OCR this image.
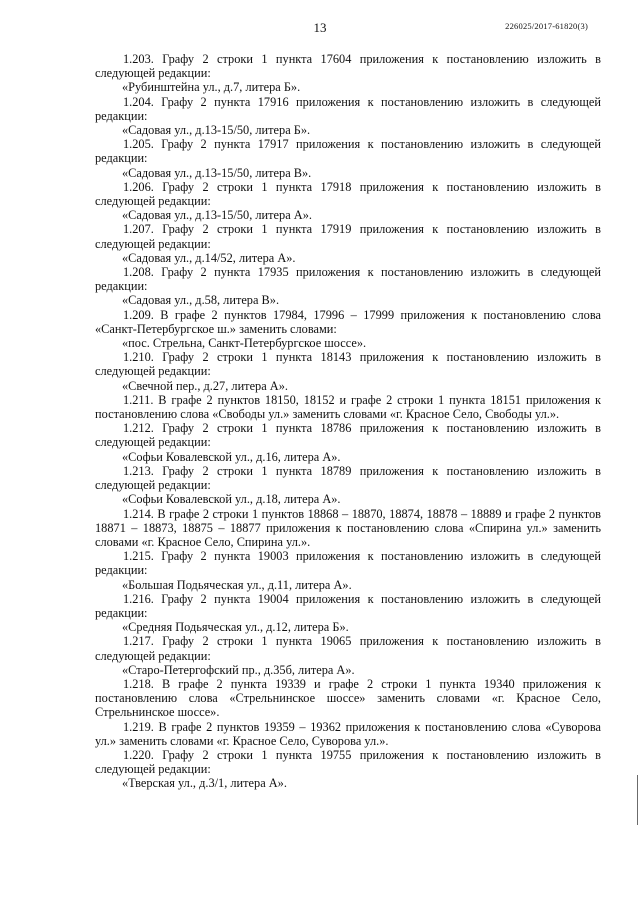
13	226025/2017-61820(3)

1.203. Графу 2 строки 1 пункта 17604 приложения к постановлению изложить в следующей редакции:

«Рубинштейна ул., д.7, литера Б».

1.204. Графу 2 пункта 17916 приложения к постановлению изложить в следующей редакции:

«Садовая ул., д.13-15/50, литера Б».

1.205. Графу 2 пункта 17917 приложения к постановлению изложить в следующей редакции:

«Садовая ул., д.13-15/50, литера В».

1.206. Графу 2 строки 1 пункта 17918 приложения к постановлению изложить в следующей редакции:

«Садовая ул., д.13-15/50, литера А».

1.207. Графу 2 строки 1 пункта 17919 приложения к постановлению изложить в следующей редакции:

«Садовая ул., д.14/52, литера А».

1.208. Графу 2 пункта 17935 приложения к постановлению изложить в следующей редакции:

«Садовая ул., д.58, литера В».

1.209. В графе 2 пунктов 17984, 17996 – 17999 приложения к постановлению слова «Санкт-Петербургское ш.» заменить словами:

«пос. Стрельна, Санкт-Петербургское шоссе».

1.210. Графу 2 строки 1 пункта 18143 приложения к постановлению изложить в следующей редакции:

«Свечной пер., д.27, литера А».

1.211. В графе 2 пунктов 18150, 18152 и графе 2 строки 1 пункта 18151 приложения к постановлению слова «Свободы ул.» заменить словами «г. Красное Село, Свободы ул.».

1.212. Графу 2 строки 1 пункта 18786 приложения к постановлению изложить в следующей редакции:

«Софьи Ковалевской ул., д.16, литера А».

1.213. Графу 2 строки 1 пункта 18789 приложения к постановлению изложить в следующей редакции:

«Софьи Ковалевской ул., д.18, литера А».

1.214. В графе 2 строки 1 пунктов 18868 – 18870, 18874, 18878 – 18889 и графе 2 пунктов 18871 – 18873, 18875 – 18877 приложения к постановлению слова «Спирина ул.» заменить словами «г. Красное Село, Спирина ул.».

1.215. Графу 2 пункта 19003 приложения к постановлению изложить в следующей редакции:

«Большая Подьяческая ул., д.11, литера А».

1.216. Графу 2 пункта 19004 приложения к постановлению изложить в следующей редакции:

«Средняя Подьяческая ул., д.12, литера Б».

1.217. Графу 2 строки 1 пункта 19065 приложения к постановлению изложить в следующей редакции:

«Старо-Петергофский пр., д.35б, литера А».

1.218. В графе 2 пункта 19339 и графе 2 строки 1 пункта 19340 приложения к постановлению слова «Стрельнинское шоссе» заменить словами «г. Красное Село, Стрельнинское шоссе».

1.219. В графе 2 пунктов 19359 – 19362 приложения к постановлению слова «Суворова ул.» заменить словами «г. Красное Село, Суворова ул.».

1.220. Графу 2 строки 1 пункта 19755 приложения к постановлению изложить в следующей редакции:

«Тверская ул., д.3/1, литера А».
